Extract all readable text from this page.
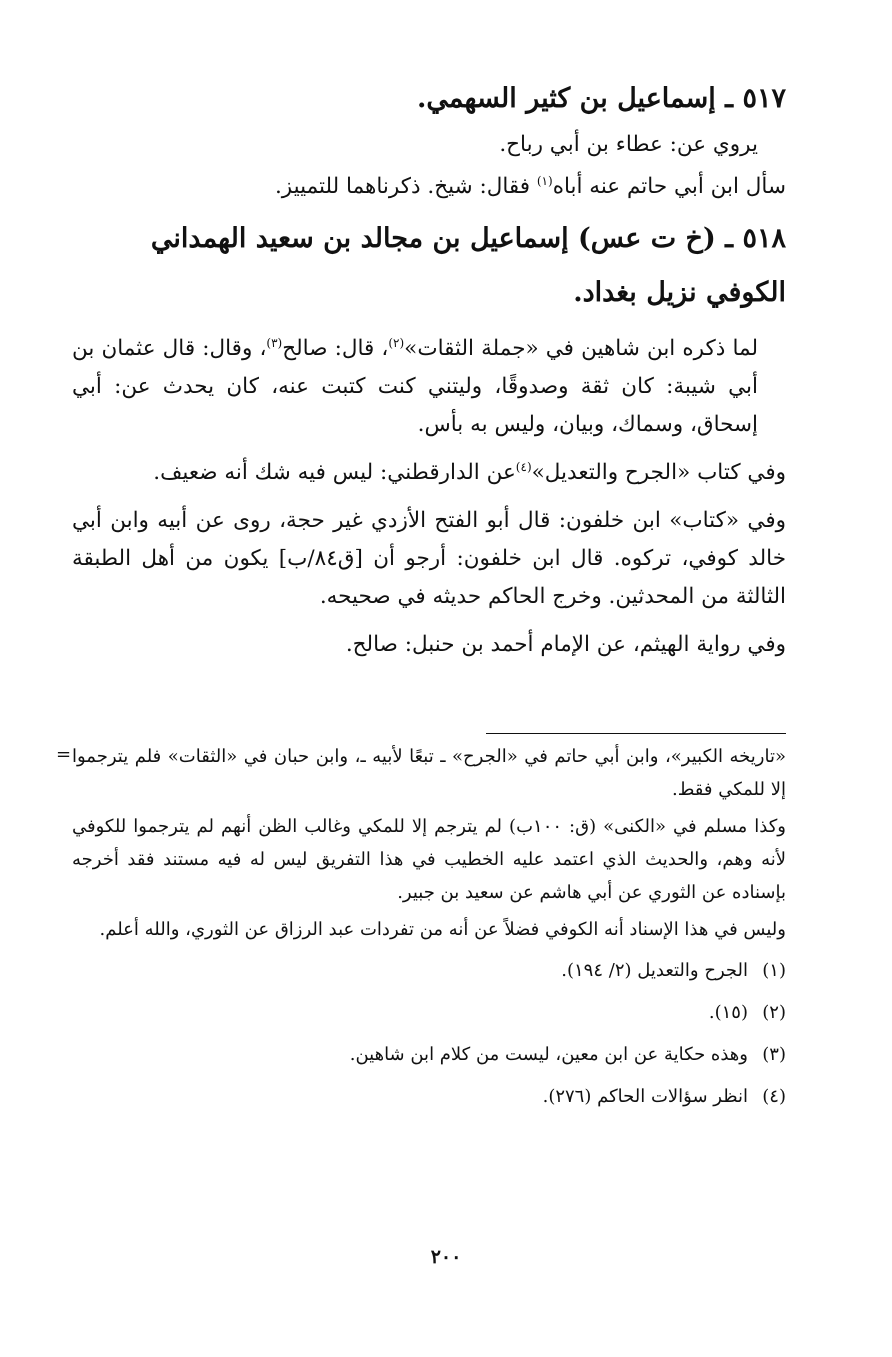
٥١٧ ـ إسماعيل بن كثير السهمي.

يروي عن: عطاء بن أبي رباح.

سأل ابن أبي حاتم عنه أباه$^{(١)}$ فقال: شيخ. ذكرناهما للتمييز.

٥١٨ ـ (خ ت عس) إسماعيل بن مجالد بن سعيد الهمداني الكوفي نزيل بغداد.

لما ذكره ابن شاهين في «جملة الثقات»$^{(٢)}$، قال: صالح$^{(٣)}$، وقال: قال عثمان بن أبي شيبة: كان ثقة وصدوقًا، وليتني كنت كتبت عنه، كان يحدث عن: أبي إسحاق، وسماك، وبيان، وليس به بأس.

وفي كتاب «الجرح والتعديل»$^{(٤)}$عن الدارقطني: ليس فيه شك أنه ضعيف.

وفي «كتاب» ابن خلفون: قال أبو الفتح الأزدي غير حجة، روى عن أبيه وابن أبي خالد كوفي، تركوه. قال ابن خلفون: أرجو أن [ق٨٤/ب] يكون من أهل الطبقة الثالثة من المحدثين. وخرج الحاكم حديثه في صحيحه.

وفي رواية الهيثم، عن الإمام أحمد بن حنبل: صالح.

= «تاريخه الكبير»، وابن أبي حاتم في «الجرح» ـ تبعًا لأبيه ـ، وابن حبان في «الثقات» فلم يترجموا إلا للمكي فقط.

وكذا مسلم في «الكنى» (ق: ١٠٠ب) لم يترجم إلا للمكي وغالب الظن أنهم لم يترجموا للكوفي لأنه وهم، والحديث الذي اعتمد عليه الخطيب في هذا التفريق ليس له فيه مستند فقد أخرجه بإسناده عن الثوري عن أبي هاشم عن سعيد بن جبير.

وليس في هذا الإسناد أنه الكوفي فضلاً عن أنه من تفردات عبد الرزاق عن الثوري، والله أعلم.

(١)الجرح والتعديل (٢/ ١٩٤).
(٢)(١٥).
(٣)وهذه حكاية عن ابن معين، ليست من كلام ابن شاهين.
(٤)انظر سؤالات الحاكم (٢٧٦).
٢٠٠
